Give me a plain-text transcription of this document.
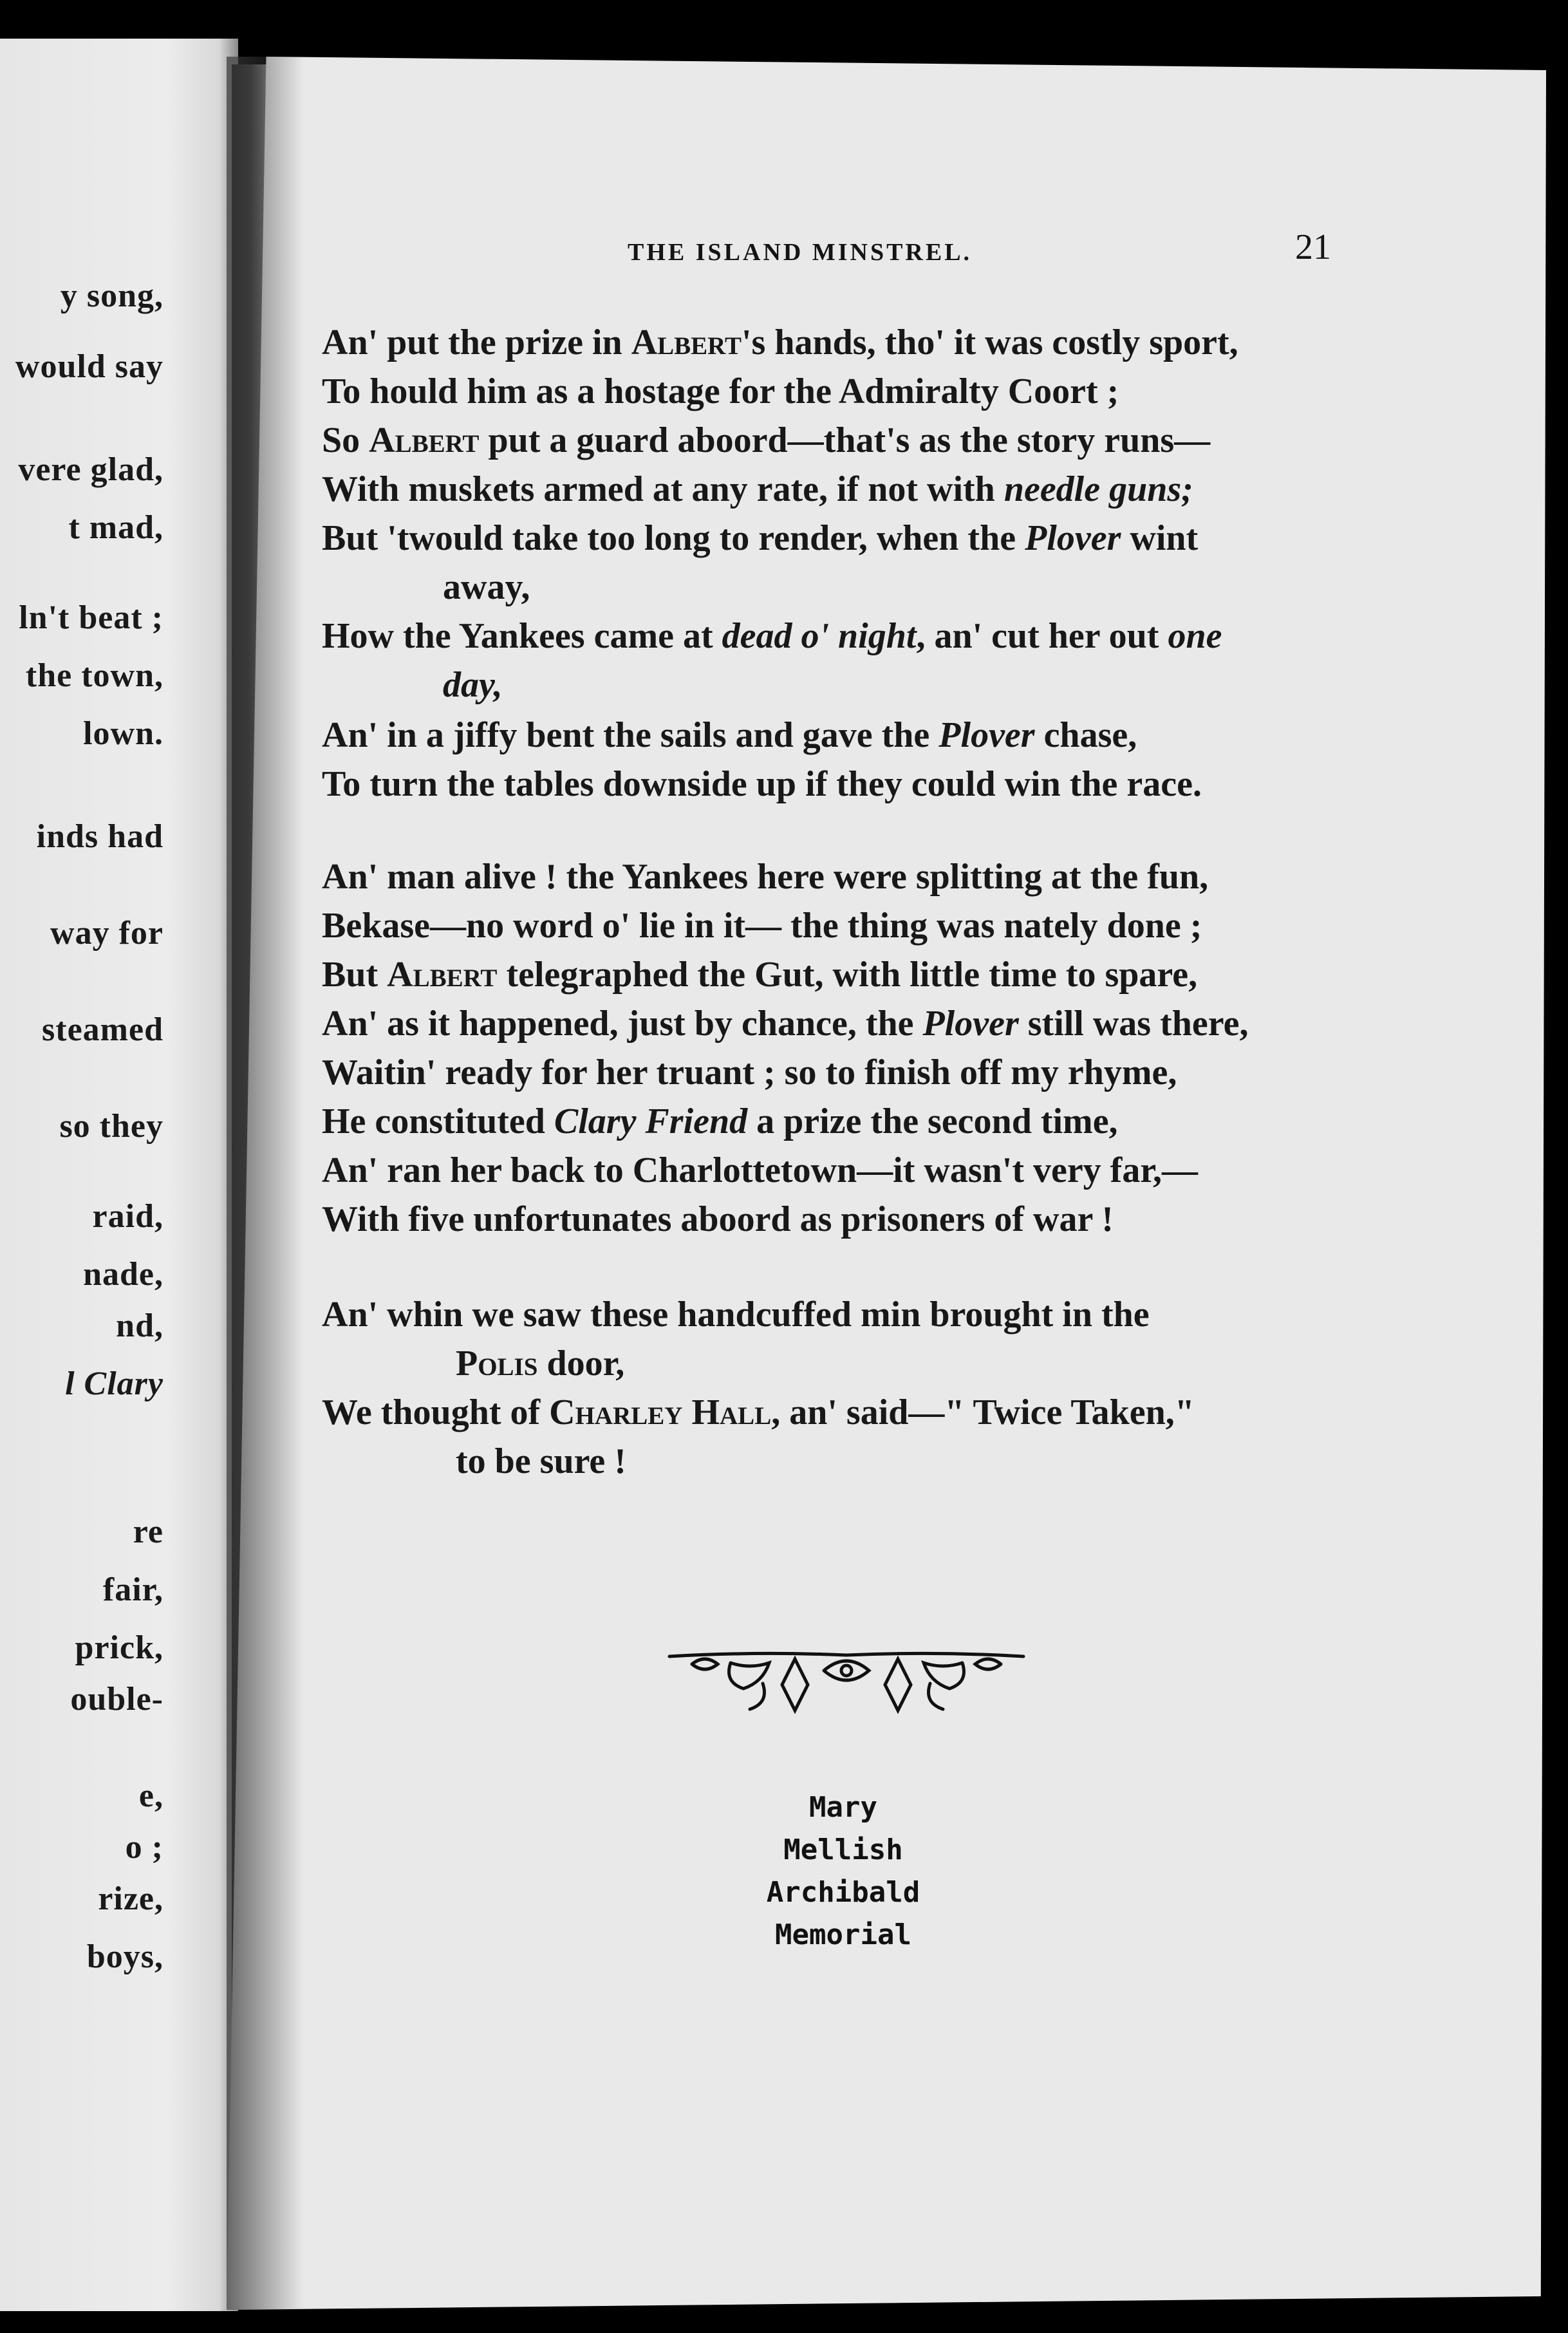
y song,
would say
vere glad,
t mad,
ln't beat ;
the town,
lown.
inds had
way for
steamed
so they
raid,
nade,
nd,
l Clary
re
fair,
prick,
ouble-
e,
o ;
rize,
boys,
THE ISLAND MINSTREL.	21
An' put the prize in Albert's hands, tho' it was costly sport,
To hould him as a hostage for the Admiralty Coort ;
So Albert put a guard aboord—that's as the story runs—
With muskets armed at any rate, if not with needle guns;
But 'twould take too long to render, when the Plover wint
away,
How the Yankees came at dead o' night, an' cut her out one
day,
An' in a jiffy bent the sails and gave the Plover chase,
To turn the tables downside up if they could win the race.
An' man alive ! the Yankees here were splitting at the fun,
Bekase—no word o' lie in it— the thing was nately done ;
But Albert telegraphed the Gut, with little time to spare,
An' as it happened, just by chance, the Plover still was there,
Waitin' ready for her truant ; so to finish off my rhyme,
He constituted Clary Friend a prize the second time,
An' ran her back to Charlottetown—it wasn't very far,—
With five unfortunates aboord as prisoners of war !
An' whin we saw these handcuffed min brought in the
Polis door,
We thought of Charley Hall, an' said—" Twice Taken,"
to be sure !
Mary Mellish
Archibald
Memorial
